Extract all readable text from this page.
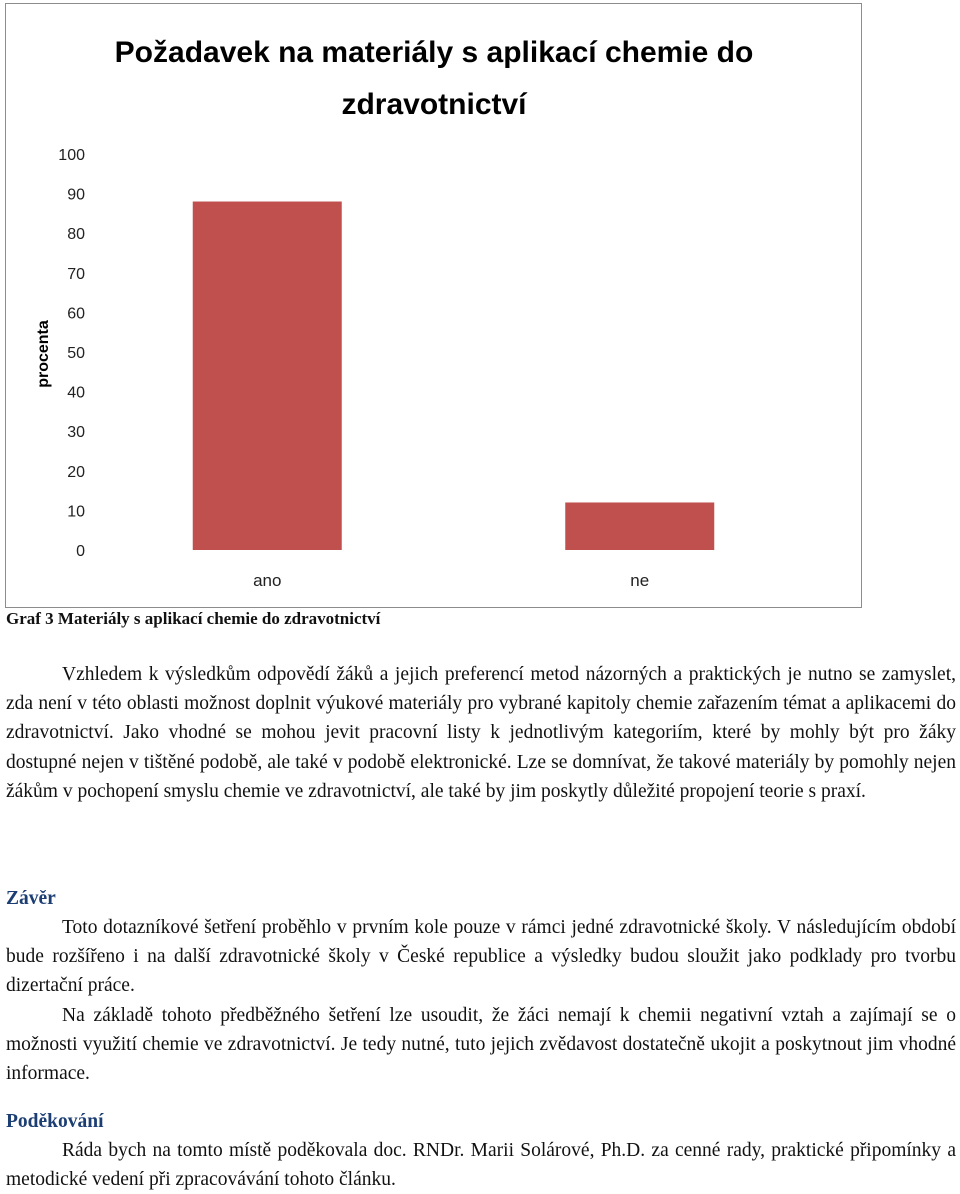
Požadavek na materiály s aplikací chemie do
zdravotnictví
procenta
0
10
20
30
40
50
60
70
80
90
100
ano	ne
Graf 3 Materiály s aplikací chemie do zdravotnictví

Vzhledem k výsledkům odpovědí žáků a jejich preferencí metod názorných a praktických je nutno se zamyslet, zda není v této oblasti možnost doplnit výukové materiály pro vybrané kapitoly chemie zařazením témat a aplikacemi do zdravotnictví. Jako vhodné se mohou jevit pracovní listy k jednotlivým kategoriím, které by mohly být pro žáky dostupné nejen v tištěné podobě, ale také v podobě elektronické. Lze se domnívat, že takové materiály by pomohly nejen žákům v pochopení smyslu chemie ve zdravotnictví, ale také by jim poskytly důležité propojení teorie s praxí.

Závěr

Toto dotazníkové šetření proběhlo v prvním kole pouze v rámci jedné zdravotnické školy. V následujícím období bude rozšířeno i na další zdravotnické školy v České republice a výsledky budou sloužit jako podklady pro tvorbu dizertační práce.

Na základě tohoto předběžného šetření lze usoudit, že žáci nemají k chemii negativní vztah a zajímají se o možnosti využití chemie ve zdravotnictví. Je tedy nutné, tuto jejich zvědavost dostatečně ukojit a poskytnout jim vhodné informace.

Poděkování

Ráda bych na tomto místě poděkovala doc. RNDr. Marii Solárové, Ph.D. za cenné rady, praktické připomínky a metodické vedení při zpracovávání tohoto článku.
